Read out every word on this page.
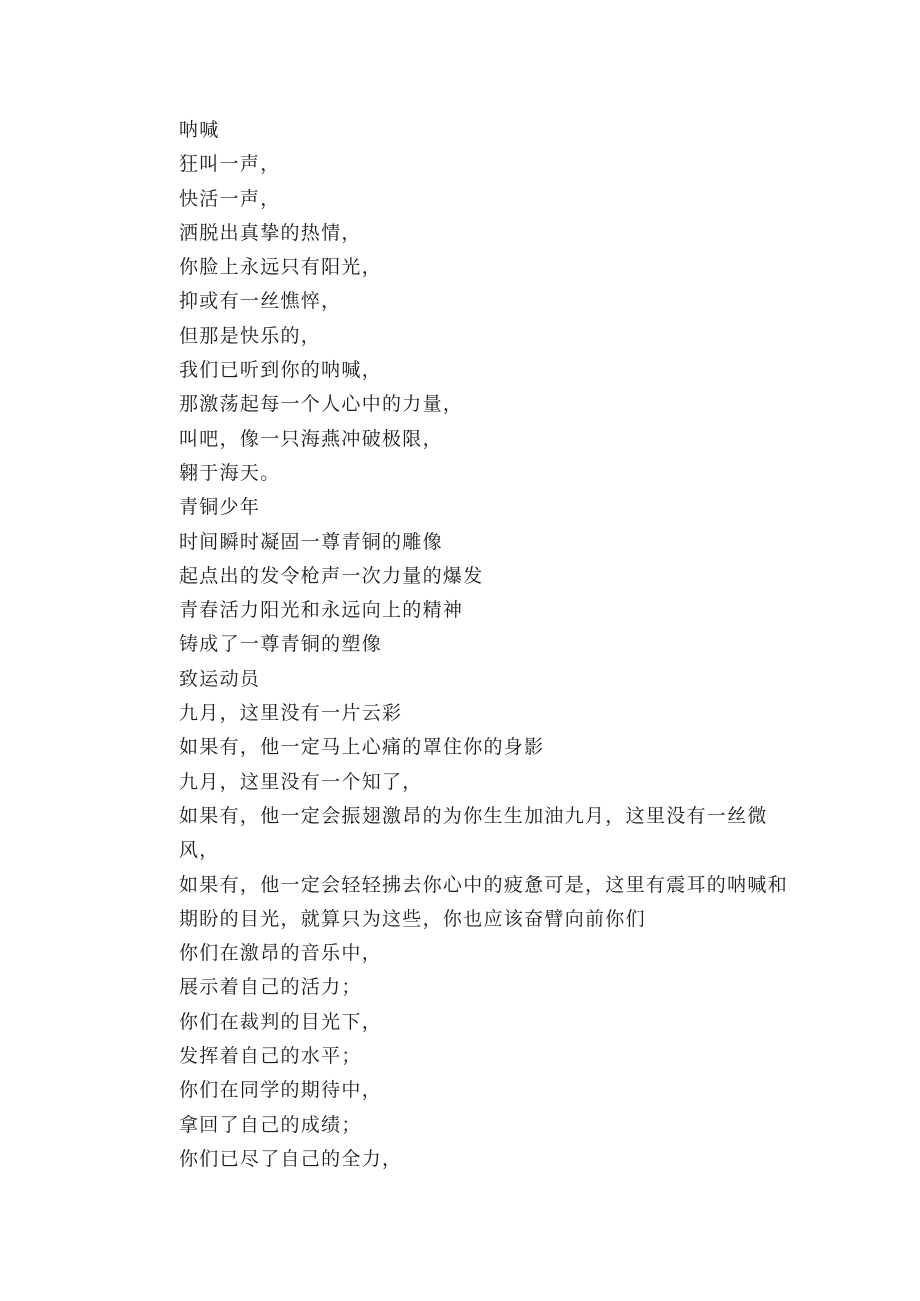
呐喊
狂叫一声，
快活一声，
洒脱出真挚的热情，
你脸上永远只有阳光，
抑或有一丝憔悴，
但那是快乐的，
我们已听到你的呐喊，
那激荡起每一个人心中的力量，
叫吧，像一只海燕冲破极限，
翱于海天。
青铜少年
时间瞬时凝固一尊青铜的雕像
起点出的发令枪声一次力量的爆发
青春活力阳光和永远向上的精神
铸成了一尊青铜的塑像
致运动员
九月，这里没有一片云彩
如果有，他一定马上心痛的罩住你的身影
九月，这里没有一个知了，
如果有，他一定会振翅激昂的为你生生加油九月，这里没有一丝微风，
如果有，他一定会轻轻拂去你心中的疲惫可是，这里有震耳的呐喊和期盼的目光，就算只为这些，你也应该奋臂向前你们
你们在激昂的音乐中，
展示着自己的活力；
你们在裁判的目光下，
发挥着自己的水平；
你们在同学的期待中，
拿回了自己的成绩；
你们已尽了自己的全力，
